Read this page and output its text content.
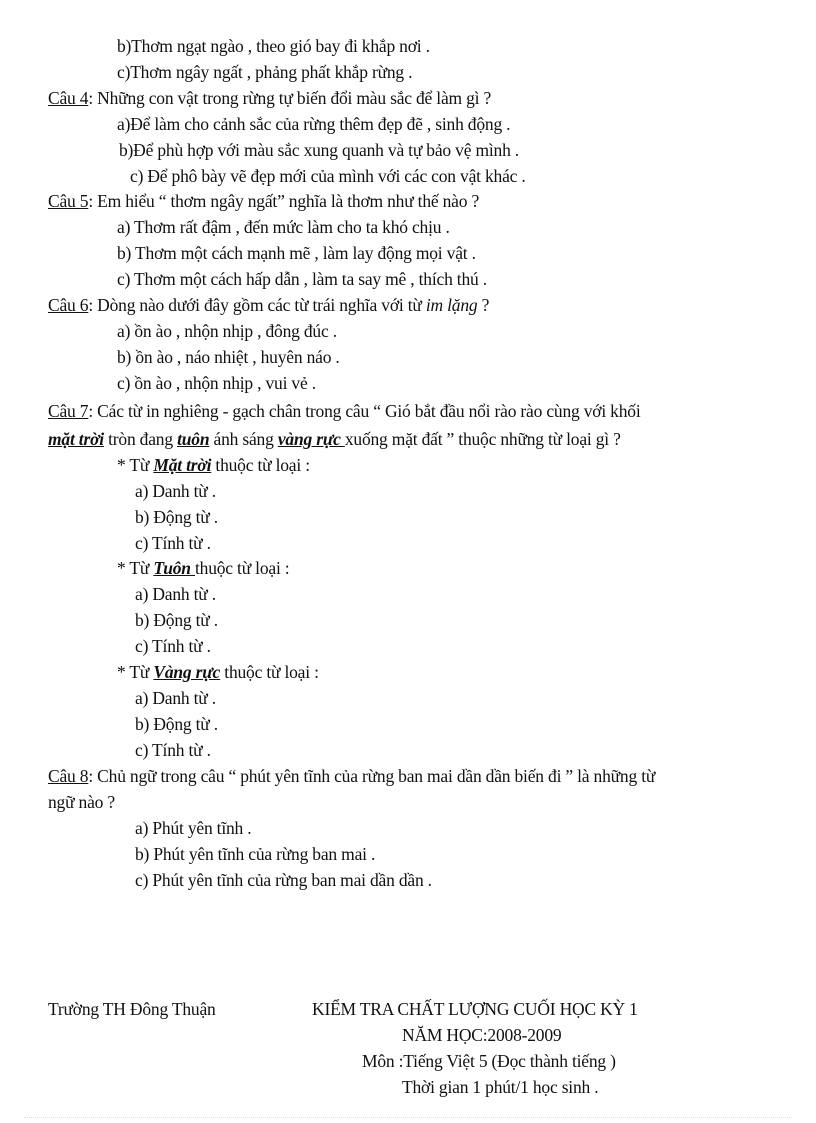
b)Thơm ngạt ngào , theo gió bay đi khắp nơi .
c)Thơm ngây ngất , phảng phất khắp rừng .
Câu 4: Những con vật trong rừng tự biến đổi màu sắc để làm gì ?
a)Để làm cho cảnh sắc của rừng thêm đẹp đẽ , sinh động .
b)Để phù hợp với màu sắc xung quanh và tự bảo vệ mình .
c) Để phô bày vẽ đẹp mới của mình với các con vật khác .
Câu 5: Em hiểu “ thơm ngây ngất” nghĩa là thơm như thế nào ?
a) Thơm rất đậm , đến mức làm cho ta khó chịu .
b) Thơm một cách mạnh mẽ , làm lay động mọi vật .
c) Thơm một cách hấp dẫn , làm ta say mê , thích thú .
Câu 6: Dòng nào dưới đây gồm các từ trái nghĩa với từ im lặng ?
a) ồn ào , nhộn nhịp , đông đúc .
b) ồn ào , náo nhiệt , huyên náo .
c) ồn ào , nhộn nhịp , vui vẻ .
Câu 7: Các từ in nghiêng - gạch chân trong câu “ Gió bắt đầu nổi rào rào cùng với khối
mặt trời tròn đang tuôn ánh sáng vàng rực xuống mặt đất ” thuộc những từ loại gì ?
* Từ Mặt trời thuộc từ loại :
a) Danh từ .
b) Động từ .
c) Tính từ .
* Từ Tuôn thuộc từ loại :
a) Danh từ .
b) Động từ .
c) Tính từ .
* Từ Vàng rực thuộc từ loại :
a) Danh từ .
b) Động từ .
c) Tính từ .
Câu 8: Chủ ngữ trong câu “ phút yên tĩnh của rừng ban mai dần dần biến đi ” là những từ
ngữ nào ?
a) Phút yên tĩnh .
b) Phút yên tĩnh của rừng ban mai .
c) Phút yên tĩnh của rừng ban mai dần dần .
Trường TH Đông Thuận	KIỂM TRA CHẤT LƯỢNG CUỐI HỌC KỲ 1
NĂM HỌC:2008-2009
Môn :Tiếng Việt 5 (Đọc thành tiếng )
Thời gian 1 phút/1 học sinh .
